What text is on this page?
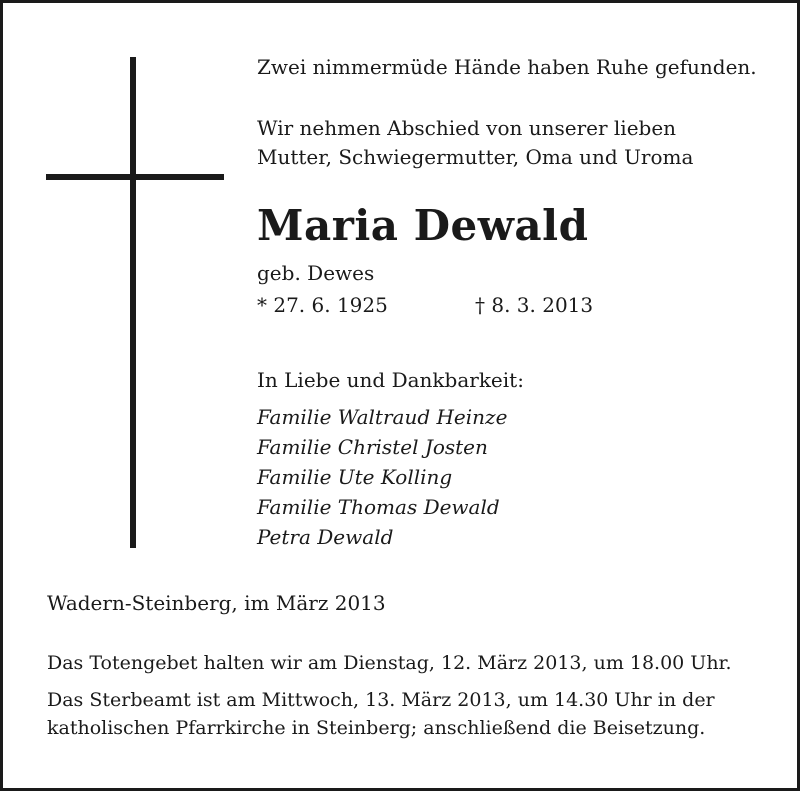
Zwei nimmermüde Hände haben Ruhe gefunden.
Wir nehmen Abschied von unserer lieben
Mutter, Schwiegermutter, Oma und Uroma
Maria Dewald
geb. Dewes
* 27. 6. 1925	† 8. 3. 2013
In Liebe und Dankbarkeit:
Familie Waltraud Heinze
Familie Christel Josten
Familie Ute Kolling
Familie Thomas Dewald
Petra Dewald
Wadern-Steinberg, im März 2013
Das Totengebet halten wir am Dienstag, 12. März 2013, um 18.00 Uhr.
Das Sterbeamt ist am Mittwoch, 13. März 2013, um 14.30 Uhr in der
katholischen Pfarrkirche in Steinberg; anschließend die Beisetzung.
